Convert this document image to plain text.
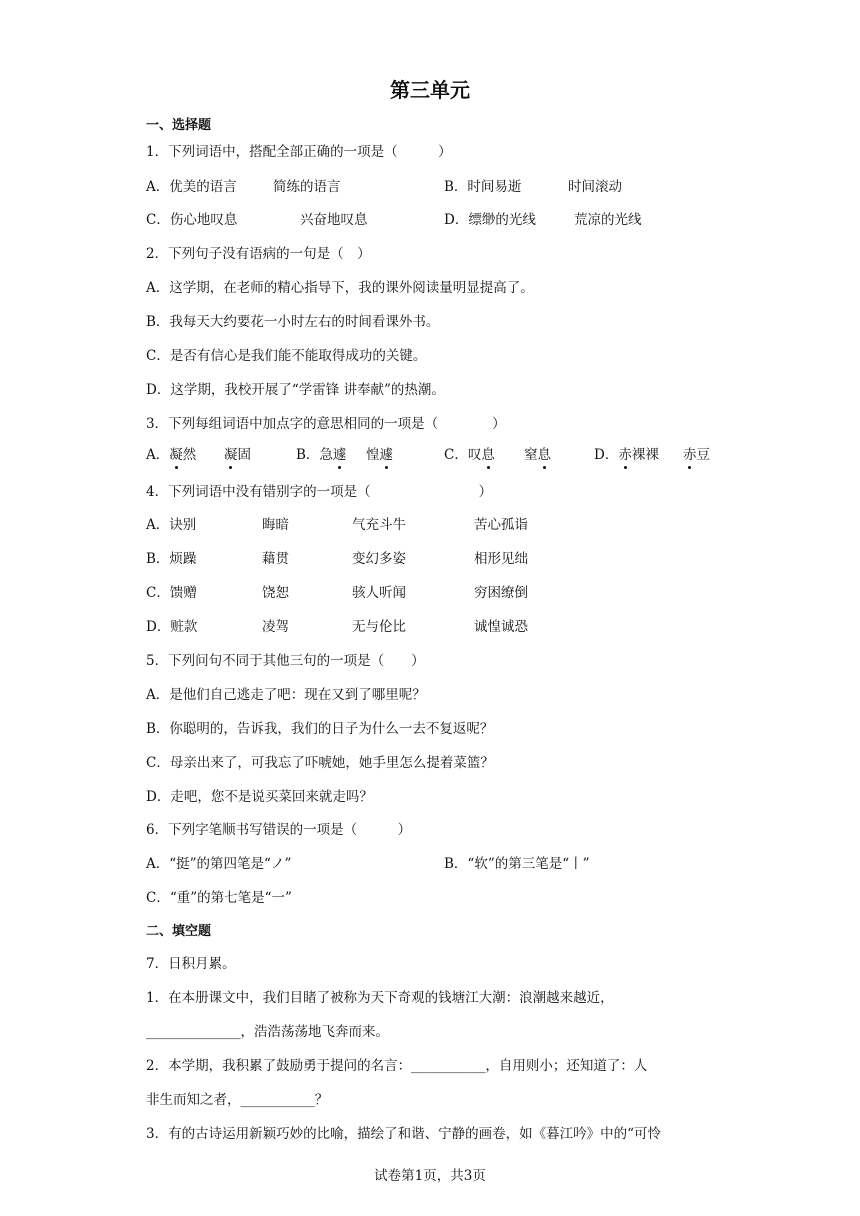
第三单元
一、选择题
1．下列词语中，搭配全部正确的一项是（　　　）
A．优美的语言	简练的语言	B．时间易逝	时间滚动
C．伤心地叹息	兴奋地叹息	D．缥缈的光线	荒凉的光线
2．下列句子没有语病的一句是（　）
A．这学期，在老师的精心指导下，我的课外阅读量明显提高了。
B．我每天大约要花一小时左右的时间看课外书。
C．是否有信心是我们能不能取得成功的关键。
D．这学期，我校开展了“学雷锋 讲奉献”的热潮。
3．下列每组词语中加点字的意思相同的一项是（　　　　）
A．凝然 凝固	B．急遽 惶遽	C．叹息 窒息	D．赤裸裸 赤豆
4．下列词语中没有错别字的一项是（　　　　　　　　）
A．诀别	晦暗	气充斗牛	苦心孤诣
B．烦躁	藉贯	变幻多姿	相形见绌
C．馈赠	饶恕	骇人听闻	穷困缭倒
D．赃款	凌驾	无与伦比	诚惶诚恐
5．下列问句不同于其他三句的一项是（　　）
A．是他们自己逃走了吧：现在又到了哪里呢？
B．你聪明的，告诉我，我们的日子为什么一去不复返呢？
C．母亲出来了，可我忘了吓唬她，她手里怎么提着菜篮？
D．走吧，您不是说买菜回来就走吗？
6．下列字笔顺书写错误的一项是（　　　）
A．“挺”的第四笔是“ノ”	B．“软”的第三笔是“丨”
C．“重”的第七笔是“一”
二、填空题
7．日积月累。
1．在本册课文中，我们目睹了被称为天下奇观的钱塘江大潮：浪潮越来越近，
______________，浩浩荡荡地飞奔而来。
2．本学期，我积累了鼓励勇于提问的名言：___________，自用则小；还知道了：人
非生而知之者，___________？
3．有的古诗运用新颖巧妙的比喻，描绘了和谐、宁静的画卷，如《暮江吟》中的“可怜
试卷第1页，共3页
